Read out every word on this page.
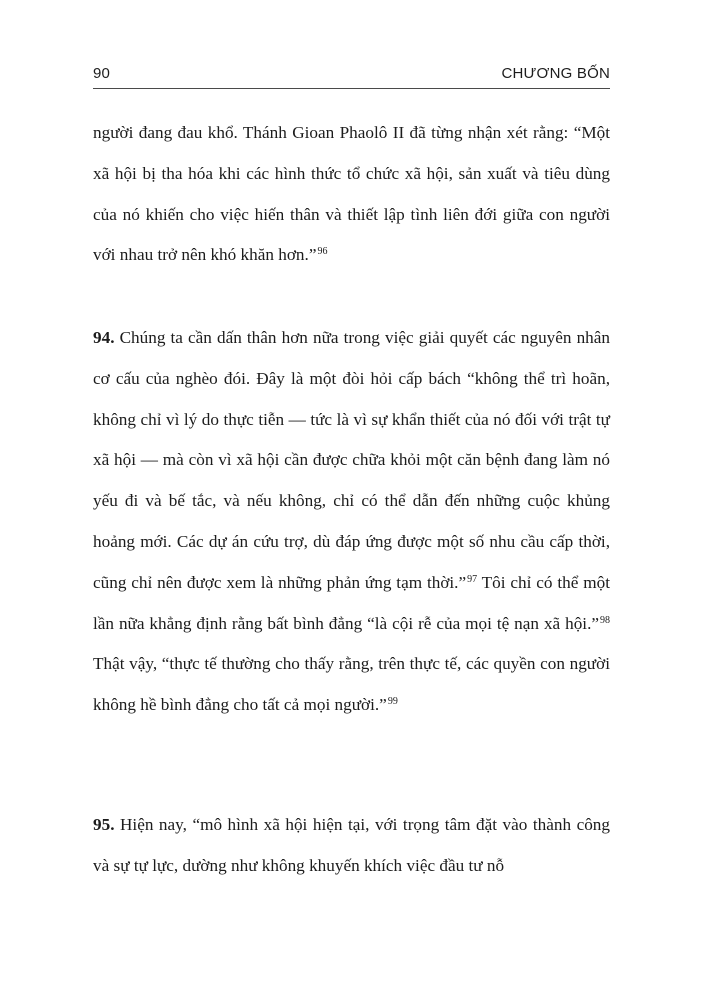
90	CHƯƠNG BỐN

người đang đau khổ. Thánh Gioan Phaolô II đã từng nhận xét rằng: “Một xã hội bị tha hóa khi các hình thức tổ chức xã hội, sản xuất và tiêu dùng của nó khiến cho việc hiến thân và thiết lập tình liên đới giữa con người với nhau trở nên khó khăn hơn.”$^{96}$

94. Chúng ta cần dấn thân hơn nữa trong việc giải quyết các nguyên nhân cơ cấu của nghèo đói. Đây là một đòi hỏi cấp bách “không thể trì hoãn, không chỉ vì lý do thực tiễn — tức là vì sự khẩn thiết của nó đối với trật tự xã hội — mà còn vì xã hội cần được chữa khỏi một căn bệnh đang làm nó yếu đi và bế tắc, và nếu không, chỉ có thể dẫn đến những cuộc khủng hoảng mới. Các dự án cứu trợ, dù đáp ứng được một số nhu cầu cấp thời, cũng chỉ nên được xem là những phản ứng tạm thời.”$^{97}$ Tôi chỉ có thể một lần nữa khẳng định rằng bất bình đẳng “là cội rễ của mọi tệ nạn xã hội.”$^{98}$ Thật vậy, “thực tế thường cho thấy rằng, trên thực tế, các quyền con người không hề bình đẳng cho tất cả mọi người.”$^{99}$

95. Hiện nay, “mô hình xã hội hiện tại, với trọng tâm đặt vào thành công và sự tự lực, dường như không khuyến khích việc đầu tư nỗ
